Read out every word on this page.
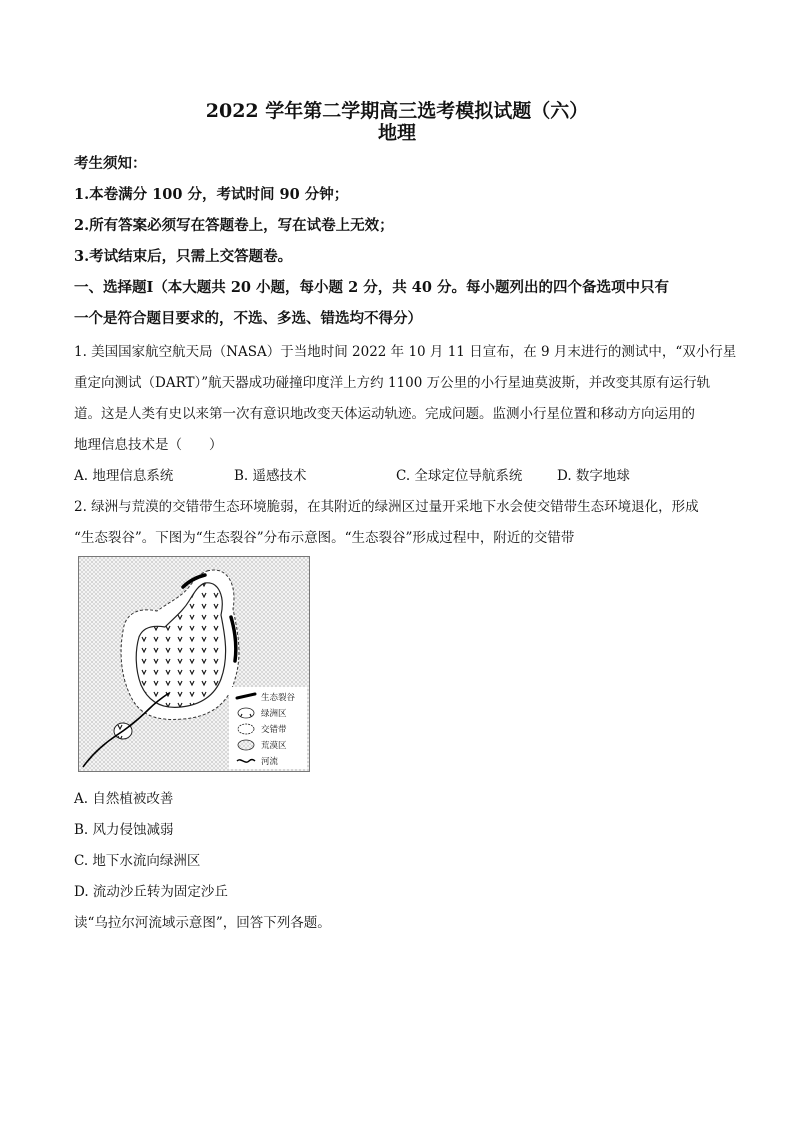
2022 学年第二学期高三选考模拟试题（六）
地理
考生须知：
1.本卷满分 100 分，考试时间 90 分钟；
2.所有答案必须写在答题卷上，写在试卷上无效；
3.考试结束后，只需上交答题卷。
一、选择题Ⅰ（本大题共 20 小题，每小题 2 分，共 40 分。每小题列出的四个备选项中只有
一个是符合题目要求的，不选、多选、错选均不得分）
1. 美国国家航空航天局（NASA）于当地时间 2022 年 10 月 11 日宣布，在 9 月末进行的测试中，“双小行星
重定向测试（DART）”航天器成功碰撞印度洋上方约 1100 万公里的小行星迪莫波斯，并改变其原有运行轨
道。这是人类有史以来第一次有意识地改变天体运动轨迹。完成问题。监测小行星位置和移动方向运用的
地理信息技术是（　　）
A. 地理信息系统	B. 遥感技术	C. 全球定位导航系统	D. 数字地球
2. 绿洲与荒漠的交错带生态环境脆弱，在其附近的绿洲区过量开采地下水会使交错带生态环境退化，形成
“生态裂谷”。下图为“生态裂谷”分布示意图。“生态裂谷”形成过程中，附近的交错带
生态裂谷
绿洲区
交错带
荒漠区
河流
A. 自然植被改善
B. 风力侵蚀减弱
C. 地下水流向绿洲区
D. 流动沙丘转为固定沙丘
读“乌拉尔河流域示意图”，回答下列各题。
